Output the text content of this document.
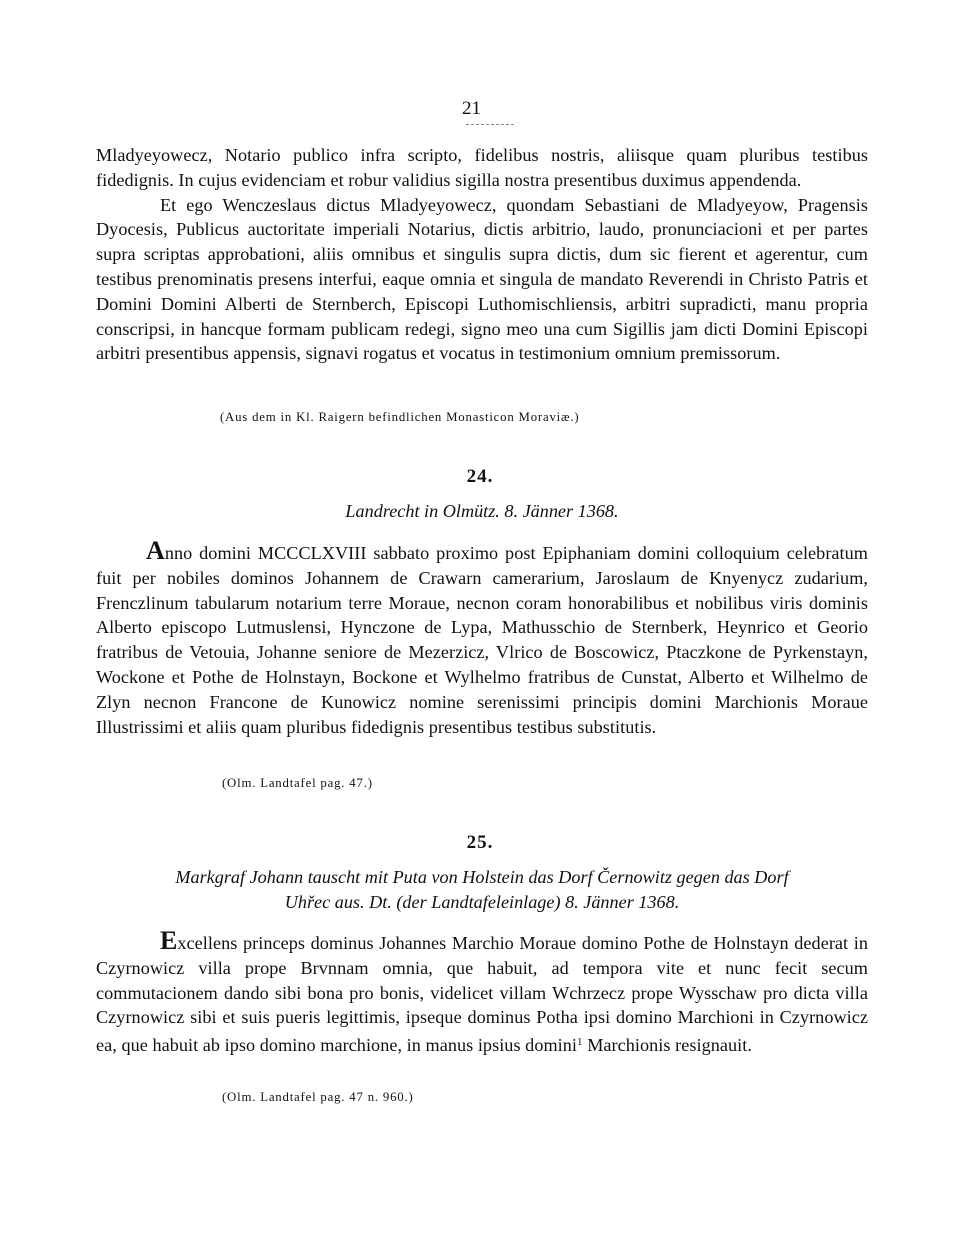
21

Mladyeyowecz, Notario publico infra scripto, fidelibus nostris, aliisque quam pluribus testibus fidedignis. In cujus evidenciam et robur validius sigilla nostra presentibus duximus appendenda.

Et ego Wenczeslaus dictus Mladyeyowecz, quondam Sebastiani de Mladyeyow, Pragensis Dyocesis, Publicus auctoritate imperiali Notarius, dictis arbitrio, laudo, pronunciacioni et per partes supra scriptas approbationi, aliis omnibus et singulis supra dictis, dum sic fierent et agerentur, cum testibus prenominatis presens interfui, eaque omnia et singula de mandato Reverendi in Christo Patris et Domini Domini Alberti de Sternberch, Episcopi Luthomischliensis, arbitri supradicti, manu propria conscripsi, in hancque formam publicam redegi, signo meo una cum Sigillis jam dicti Domini Episcopi arbitri presentibus appensis, signavi rogatus et vocatus in testimonium omnium premissorum.

(Aus dem in Kl. Raigern befindlichen Monasticon Moraviæ.)
24.
Landrecht in Olmütz. 8. Jänner 1368.

Anno domini MCCCLXVIII sabbato proximo post Epiphaniam domini colloquium celebratum fuit per nobiles dominos Johannem de Crawarn camerarium, Jaroslaum de Knyenycz zudarium, Frenczlinum tabularum notarium terre Moraue, necnon coram honorabilibus et nobilibus viris dominis Alberto episcopo Lutmuslensi, Hynczone de Lypa, Mathusschio de Sternberk, Heynrico et Georio fratribus de Vetouia, Johanne seniore de Mezerzicz, Vlrico de Boscowicz, Ptaczkone de Pyrkenstayn, Wockone et Pothe de Holnstayn, Bockone et Wylhelmo fratribus de Cunstat, Alberto et Wilhelmo de Zlyn necnon Francone de Kunowicz nomine serenissimi principis domini Marchionis Moraue Illustrissimi et aliis quam pluribus fidedignis presentibus testibus substitutis.

(Olm. Landtafel pag. 47.)
25.
Markgraf Johann tauscht mit Puta von Holstein das Dorf Černowitz gegen das Dorf
Uhřec aus. Dt. (der Landtafeleinlage) 8. Jänner 1368.

Excellens princeps dominus Johannes Marchio Moraue domino Pothe de Holnstayn dederat in Czyrnowicz villa prope Brvnnam omnia, que habuit, ad tempora vite et nunc fecit secum commutacionem dando sibi bona pro bonis, videlicet villam Wchrzecz prope Wysschaw pro dicta villa Czyrnowicz sibi et suis pueris legittimis, ipseque dominus Potha ipsi domino Marchioni in Czyrnowicz ea, que habuit ab ipso domino marchione, in manus ipsius domini$^1$ Marchionis resignauit.

(Olm. Landtafel pag. 47 n. 960.)
